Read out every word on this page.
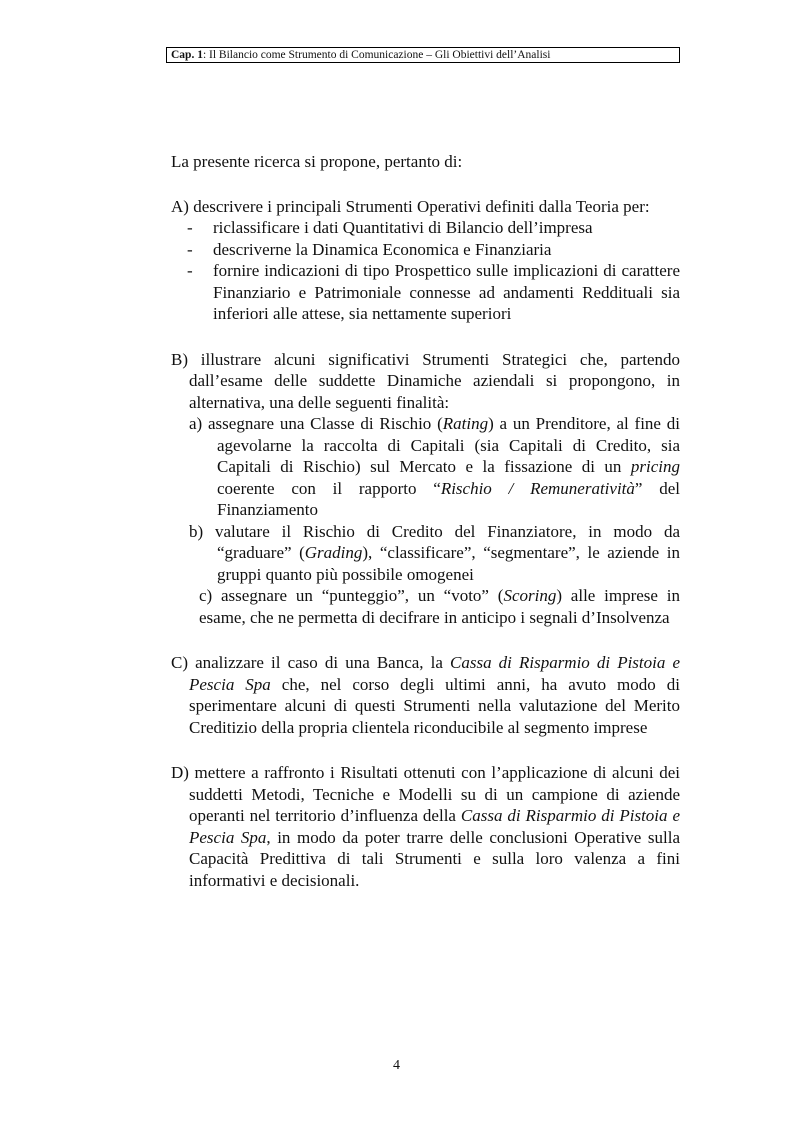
Cap. 1: Il Bilancio come Strumento di Comunicazione – Gli Obiettivi dell’Analisi

La presente ricerca si propone, pertanto di:

A) descrivere i principali Strumenti Operativi definiti dalla Teoria per:

- riclassificare i dati Quantitativi di Bilancio dell’impresa
- descriverne la Dinamica Economica e Finanziaria
- fornire indicazioni di tipo Prospettico sulle implicazioni di carattere Finanziario e Patrimoniale connesse ad andamenti Reddituali sia inferiori alle attese, sia nettamente superiori

B) illustrare alcuni significativi Strumenti Strategici che, partendo dall’esame delle suddette Dinamiche aziendali si propongono, in alternativa, una delle seguenti finalità:

a) assegnare una Classe di Rischio (Rating) a un Prenditore, al fine di agevolarne la raccolta di Capitali (sia Capitali di Credito, sia Capitali di Rischio) sul Mercato e la fissazione di un pricing coerente con il rapporto “Rischio / Remuneratività” del Finanziamento

b) valutare il Rischio di Credito del Finanziatore, in modo da “graduare” (Grading), “classificare”, “segmentare”, le aziende in gruppi quanto più possibile omogenei

c) assegnare un “punteggio”, un “voto” (Scoring) alle imprese in esame, che ne permetta di decifrare in anticipo i segnali d’Insolvenza

C) analizzare il caso di una Banca, la Cassa di Risparmio di Pistoia e Pescia Spa che, nel corso degli ultimi anni, ha avuto modo di sperimentare alcuni di questi Strumenti nella valutazione del Merito Creditizio della propria clientela riconducibile al segmento imprese

D) mettere a raffronto i Risultati ottenuti con l’applicazione di alcuni dei suddetti Metodi, Tecniche e Modelli su di un campione di aziende operanti nel territorio d’influenza della Cassa di Risparmio di Pistoia e Pescia Spa, in modo da poter trarre delle conclusioni Operative sulla Capacità Predittiva di tali Strumenti e sulla loro valenza a fini informativi e decisionali.

4
